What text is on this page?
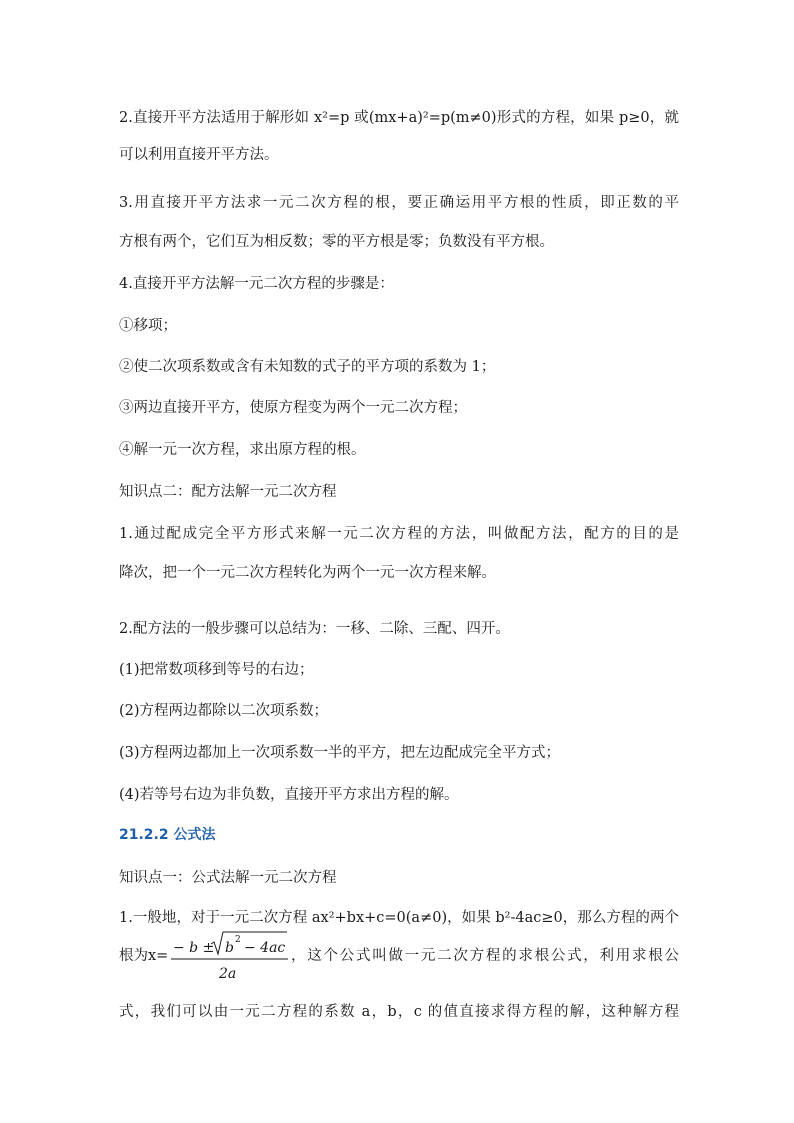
2.直接开平方法适用于解形如 x²=p 或(mx+a)²=p(m≠0)形式的方程，如果 p≥0，就
可以利用直接开平方法。
3.用直接开平方法求一元二次方程的根，要正确运用平方根的性质，即正数的平
方根有两个，它们互为相反数；零的平方根是零；负数没有平方根。
4.直接开平方法解一元二次方程的步骤是：
①移项；
②使二次项系数或含有未知数的式子的平方项的系数为 1；
③两边直接开平方，使原方程变为两个一元二次方程；
④解一元一次方程，求出原方程的根。
知识点二：配方法解一元二次方程
1.通过配成完全平方形式来解一元二次方程的方法，叫做配方法，配方的目的是
降次，把一个一元二次方程转化为两个一元一次方程来解。
2.配方法的一般步骤可以总结为：一移、二除、三配、四开。
(1)把常数项移到等号的右边；
(2)方程两边都除以二次项系数；
(3)方程两边都加上一次项系数一半的平方，把左边配成完全平方式；
(4)若等号右边为非负数，直接开平方求出方程的解。
21.2.2 公式法
知识点一：公式法解一元二次方程
1.一般地，对于一元二次方程 ax²+bx+c=0(a≠0)，如果 b²-4ac≥0，那么方程的两个
根为x= − b ± b 2 − 4ac
2a
，这个公式叫做一元二次方程的求根公式，利用求根公
式，我们可以由一元二方程的系数 a，b，c 的值直接求得方程的解，这种解方程
